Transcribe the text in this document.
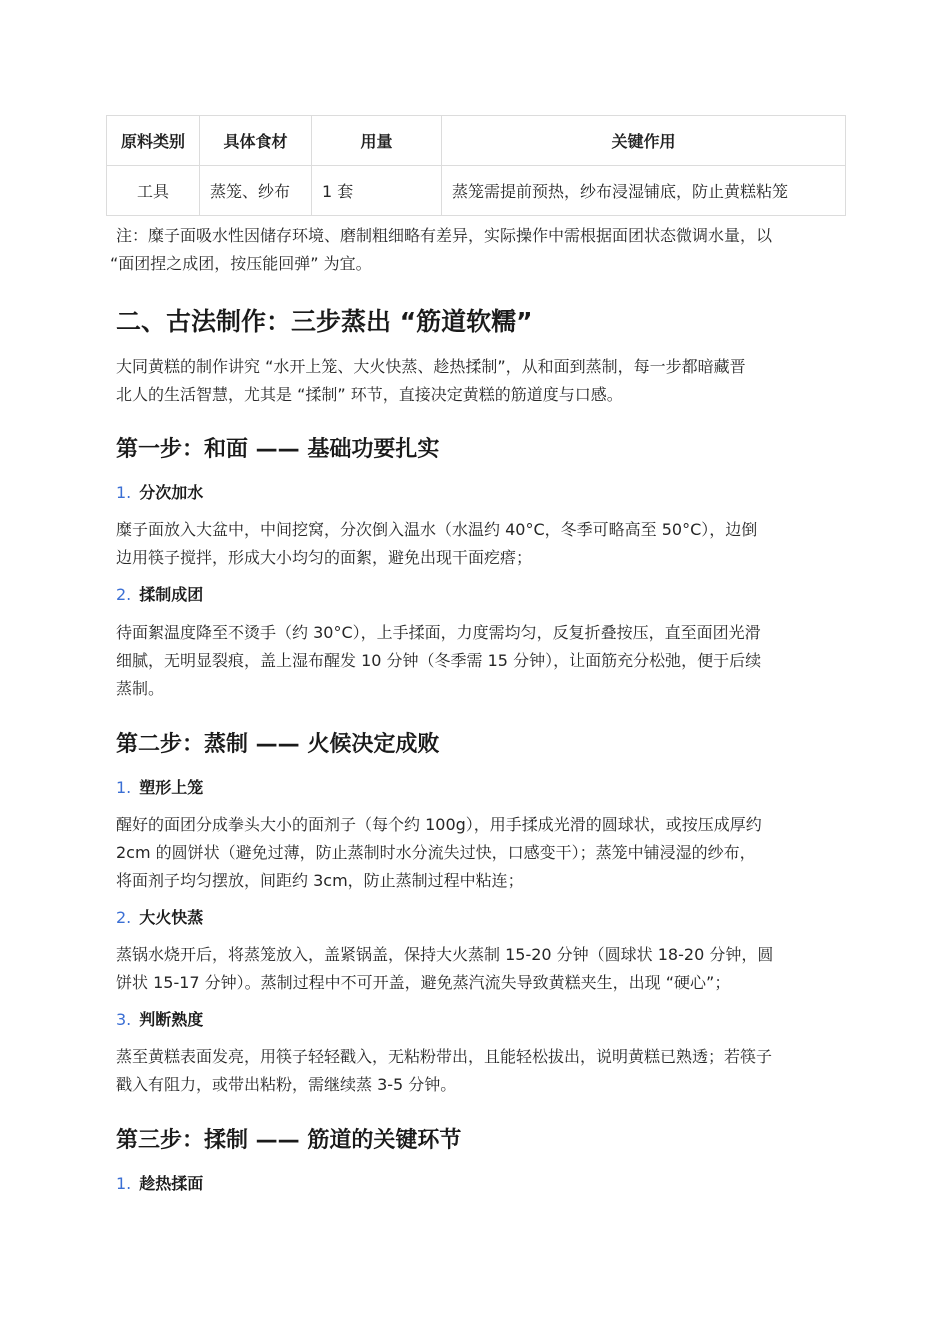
原料类别	具体食材	用量	关键作用
工具	蒸笼、纱布	1 套	蒸笼需提前预热，纱布浸湿铺底，防止黄糕粘笼

注：糜子面吸水性因储存环境、磨制粗细略有差异，实际操作中需根据面团状态微调水量，以

“面团捏之成团，按压能回弹” 为宜。

二、古法制作：三步蒸出 “筋道软糯”

大同黄糕的制作讲究 “水开上笼、大火快蒸、趁热揉制”，从和面到蒸制，每一步都暗藏晋
北人的生活智慧，尤其是 “揉制” 环节，直接决定黄糕的筋道度与口感。

第一步：和面 —— 基础功要扎实

1. 分次加水

糜子面放入大盆中，中间挖窝，分次倒入温水（水温约 40°C，冬季可略高至 50°C），边倒
边用筷子搅拌，形成大小均匀的面絮，避免出现干面疙瘩；

2. 揉制成团

待面絮温度降至不烫手（约 30°C），上手揉面，力度需均匀，反复折叠按压，直至面团光滑
细腻，无明显裂痕，盖上湿布醒发 10 分钟（冬季需 15 分钟），让面筋充分松弛，便于后续
蒸制。

第二步：蒸制 —— 火候决定成败

1. 塑形上笼

醒好的面团分成拳头大小的面剂子（每个约 100g），用手揉成光滑的圆球状，或按压成厚约
2cm 的圆饼状（避免过薄，防止蒸制时水分流失过快，口感变干）；蒸笼中铺浸湿的纱布，
将面剂子均匀摆放，间距约 3cm，防止蒸制过程中粘连；

2. 大火快蒸

蒸锅水烧开后，将蒸笼放入，盖紧锅盖，保持大火蒸制 15-20 分钟（圆球状 18-20 分钟，圆
饼状 15-17 分钟）。蒸制过程中不可开盖，避免蒸汽流失导致黄糕夹生，出现 “硬心”；

3. 判断熟度

蒸至黄糕表面发亮，用筷子轻轻戳入，无粘粉带出，且能轻松拔出，说明黄糕已熟透；若筷子
戳入有阻力，或带出粘粉，需继续蒸 3-5 分钟。

第三步：揉制 —— 筋道的关键环节

1. 趁热揉面
